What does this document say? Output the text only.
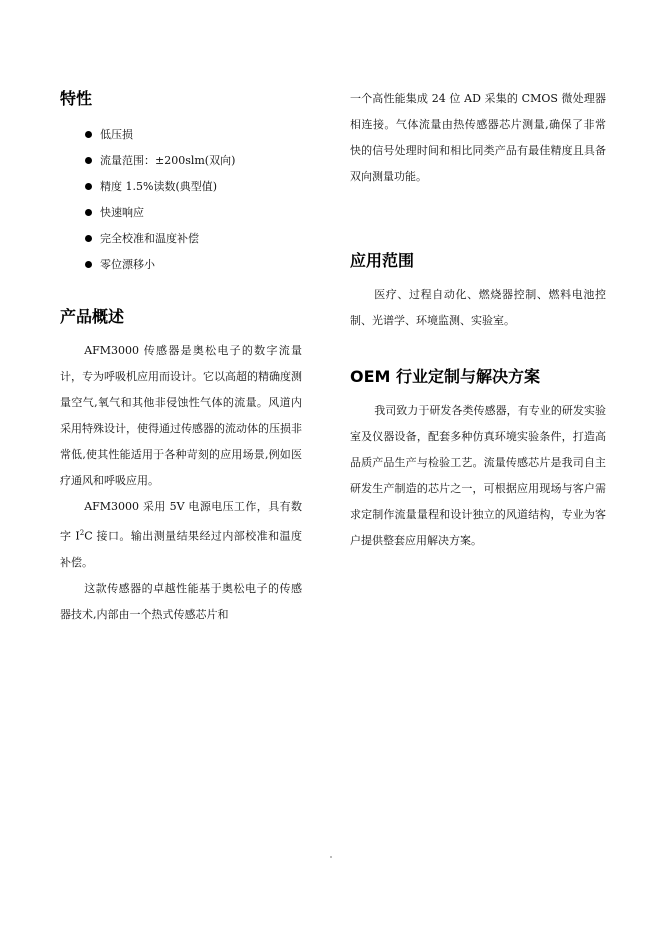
特性
低压损
流量范围：±200slm(双向)
精度 1.5%读数(典型值)
快速响应
完全校准和温度补偿
零位漂移小
产品概述

AFM3000 传感器是奥松电子的数字流量计，专为呼吸机应用而设计。它以高超的精确度测量空气,氧气和其他非侵蚀性气体的流量。风道内采用特殊设计，使得通过传感器的流动体的压损非常低,使其性能适用于各种苛刻的应用场景,例如医疗通风和呼吸应用。

AFM3000 采用 5V 电源电压工作，具有数字 $I^2C$ 接口。输出测量结果经过内部校准和温度补偿。

这款传感器的卓越性能基于奥松电子的传感器技术,内部由一个热式传感芯片和

一个高性能集成 24 位 AD 采集的 CMOS 微处理器相连接。气体流量由热传感器芯片测量,确保了非常快的信号处理时间和相比同类产品有最佳精度且具备双向测量功能。

应用范围

医疗、过程自动化、燃烧器控制、燃料电池控制、光谱学、环境监测、实验室。

OEM 行业定制与解决方案

我司致力于研发各类传感器，有专业的研发实验室及仪器设备，配套多种仿真环境实验条件，打造高品质产品生产与检验工艺。流量传感芯片是我司自主研发生产制造的芯片之一，可根据应用现场与客户需求定制作流量量程和设计独立的风道结构，专业为客户提供整套应用解决方案。
